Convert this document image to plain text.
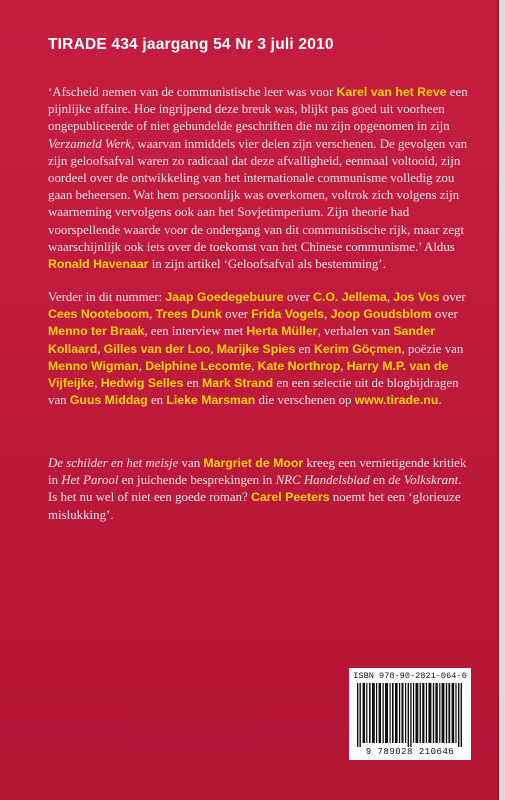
TIRADE 434 jaargang 54 Nr 3 juli 2010

‘Afscheid nemen van de communistische leer was voor Karel van het Reve een pijnlijke affaire. Hoe ingrijpend deze breuk was, blijkt pas goed uit voorheen ongepubliceerde of niet gebundelde geschriften die nu zijn opgenomen in zijn Verzameld Werk, waarvan inmiddels vier delen zijn verschenen. De gevolgen van zijn geloofsafval waren zo radicaal dat deze afvalligheid, eenmaal voltooid, zijn oordeel over de ontwikkeling van het internationale communisme volledig zou gaan beheersen. Wat hem persoonlijk was overkomen, voltrok zich volgens zijn waarneming vervolgens ook aan het Sovjetimperium. Zijn theorie had voorspellende waarde voor de ondergang van dit communistische rijk, maar zegt waarschijnlijk ook iets over de toekomst van het Chinese communisme.’ Aldus Ronald Havenaar in zijn artikel ‘Geloofsafval als bestemming’.

Verder in dit nummer: Jaap Goedegebuure over C.O. Jellema, Jos Vos over Cees Nooteboom, Trees Dunk over Frida Vogels, Joop Goudsblom over Menno ter Braak, een interview met Herta Müller, verhalen van Sander Kollaard, Gilles van der Loo, Marijke Spies en Kerim Göçmen, poëzie van Menno Wigman, Delphine Lecomte, Kate Northrop, Harry M.P. van de Vijfeijke, Hedwig Selles en Mark Strand en een selectie uit de blogbijdragen van Guus Middag en Lieke Marsman die verschenen op www.tirade.nu.

De schilder en het meisje van Margriet de Moor kreeg een vernietigende kritiek in Het Parool en juichende besprekingen in NRC Handelsblad en de Volkskrant. Is het nu wel of niet een goede roman? Carel Peeters noemt het een ‘glorieuze mislukking’.

ISBN 978-90-2821-064-6
9 789028 210646
